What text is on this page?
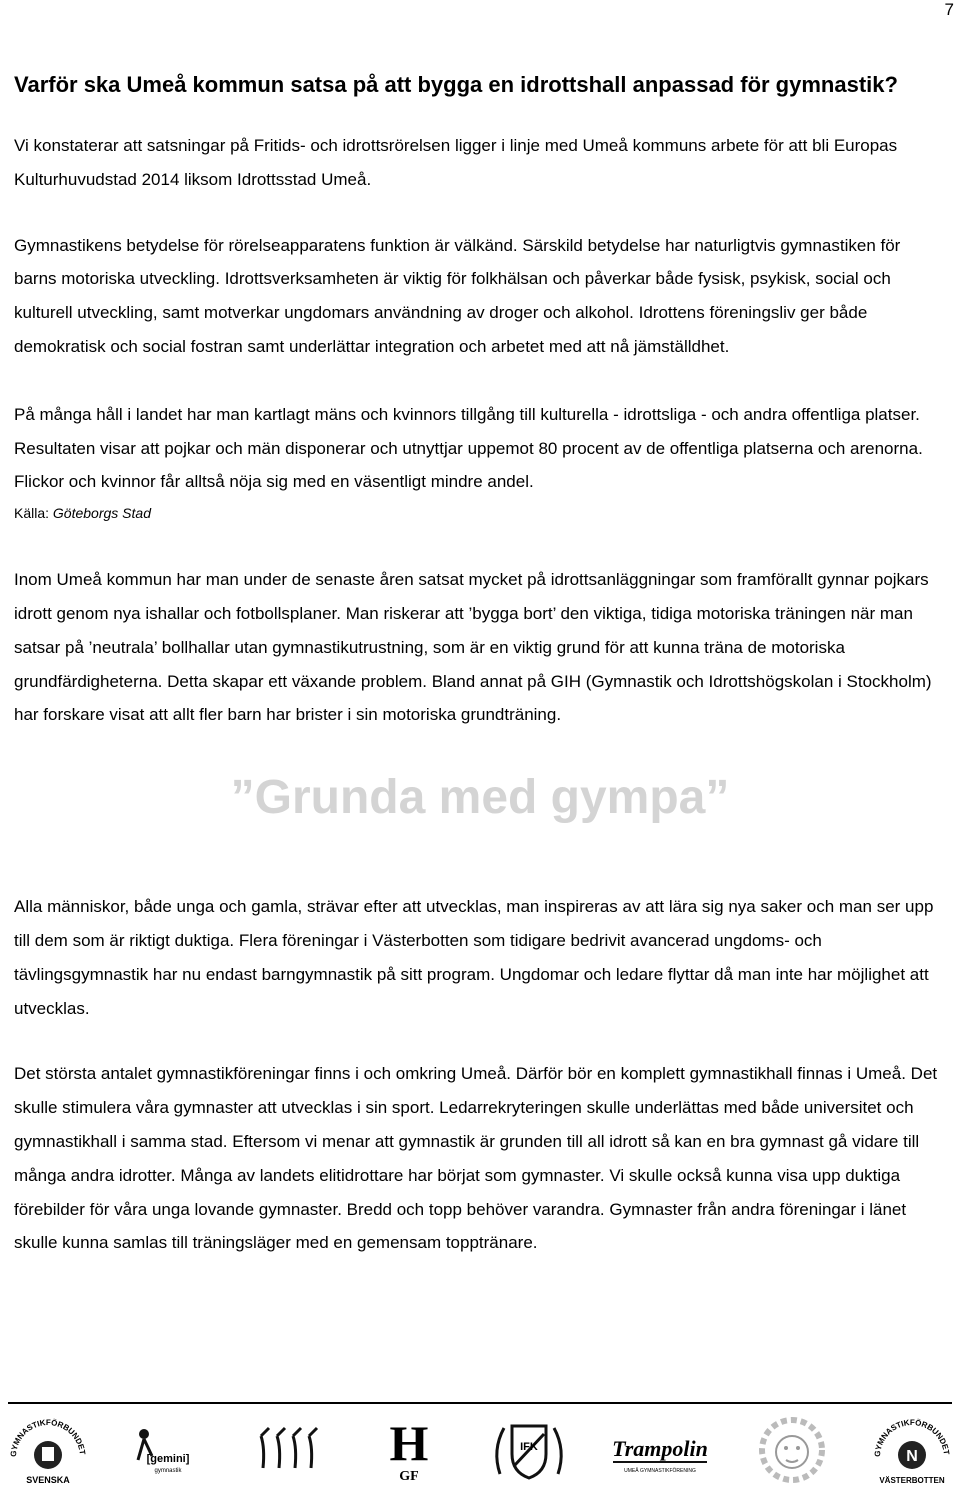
7
Varför ska Umeå kommun satsa på att bygga en idrottshall anpassad för gymnastik?

Vi konstaterar att satsningar på Fritids- och idrottsrörelsen ligger i linje med Umeå kommuns arbete för att bli Europas Kulturhuvudstad 2014 liksom Idrottsstad Umeå.

Gymnastikens betydelse för rörelseapparatens funktion är välkänd. Särskild betydelse har naturligtvis gymnastiken för barns motoriska utveckling. Idrottsverksamheten är viktig för folkhälsan och påverkar både fysisk, psykisk, social och kulturell utveckling, samt motverkar ungdomars användning av droger och alkohol. Idrottens föreningsliv ger både demokratisk och social fostran samt underlättar integration och arbetet med att nå jämställdhet.

På många håll i landet har man kartlagt mäns och kvinnors tillgång till kulturella - idrottsliga - och andra offentliga platser. Resultaten visar att pojkar och män disponerar och utnyttjar uppemot 80 procent av de offentliga platserna och arenorna. Flickor och kvinnor får alltså nöja sig med en väsentligt mindre andel.

Källa: Göteborgs Stad

Inom Umeå kommun har man under de senaste åren satsat mycket på idrottsanläggningar som framförallt gynnar pojkars idrott genom nya ishallar och fotbollsplaner. Man riskerar att ’bygga bort’ den viktiga, tidiga motoriska träningen när man satsar på ’neutrala’ bollhallar utan gymnastikutrustning, som är en viktig grund för att kunna träna de motoriska grundfärdigheterna. Detta skapar ett växande problem. Bland annat på GIH (Gymnastik och Idrottshögskolan i Stockholm) har forskare visat att allt fler barn har brister i sin motoriska grundträning.

”Grunda med gympa”

Alla människor, både unga och gamla, strävar efter att utvecklas, man inspireras av att lära sig nya saker och man ser upp till dem som är riktigt duktiga. Flera föreningar i Västerbotten som tidigare bedrivit avancerad ungdoms- och tävlingsgymnastik har nu endast barngymnastik på sitt program. Ungdomar och ledare flyttar då man inte har möjlighet att utvecklas.

Det största antalet gymnastikföreningar finns i och omkring Umeå. Därför bör en komplett gymnastikhall finnas i Umeå. Det skulle stimulera våra gymnaster att utvecklas i sin sport. Ledarrekryteringen skulle underlättas med både universitet och gymnastikhall i samma stad. Eftersom vi menar att gymnastik är grunden till all idrott så kan en bra gymnast gå vidare till många andra idrotter. Många av landets elitidrottare har börjat som gymnaster. Vi skulle också kunna visa upp duktiga förebilder för våra unga lovande gymnaster. Bredd och topp behöver varandra. Gymnaster från andra föreningar i länet skulle kunna samlas till träningsläger med en gemensam topptränare.

GYMNASTIKFÖRBUNDET
SVENSKA
[gemini]
gymnastik	H
GF
IFK	Trampolin
UMEÅ GYMNASTIKFÖRENING
GYMNASTIKFÖRBUNDET
N
VÄSTERBOTTEN
